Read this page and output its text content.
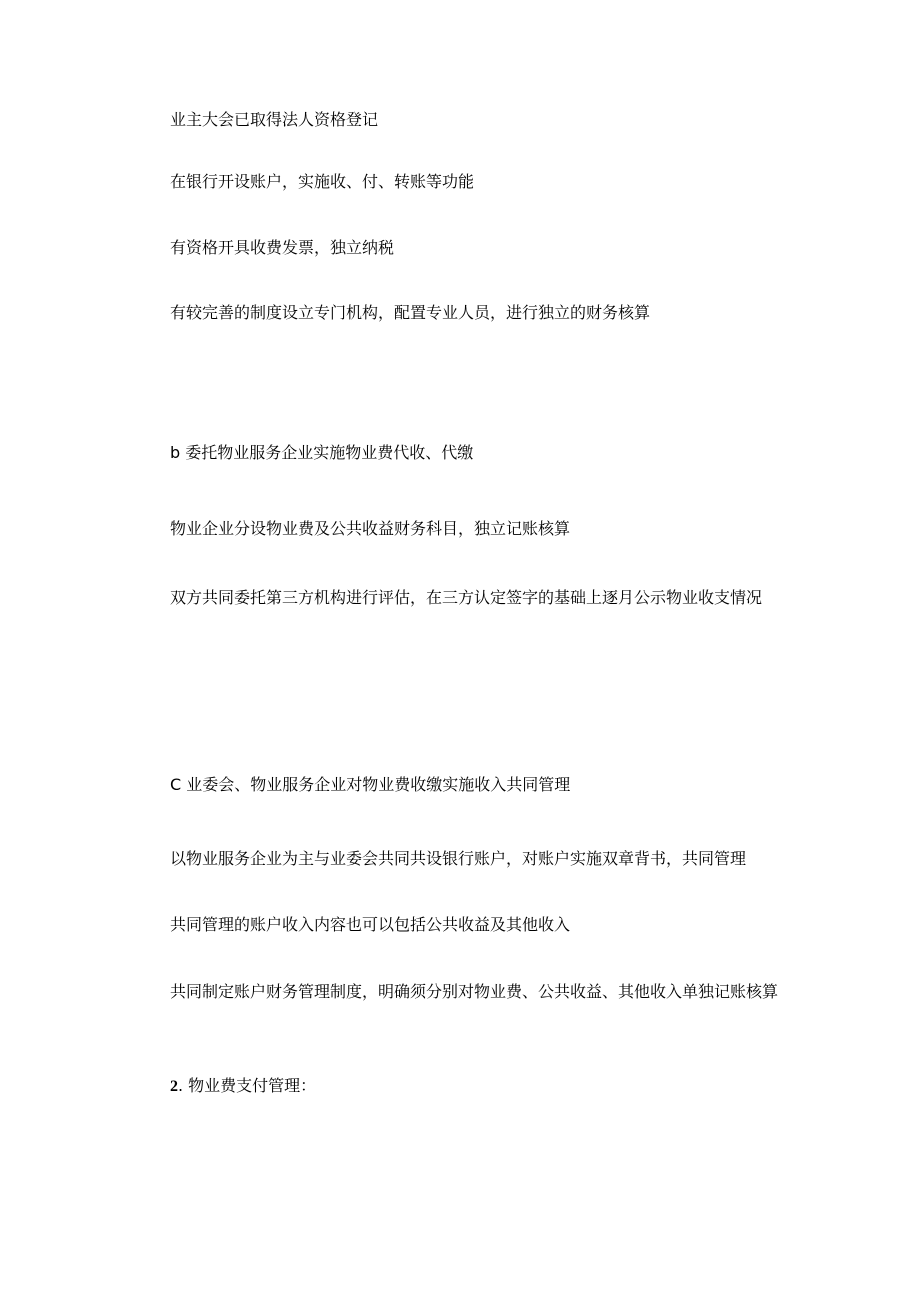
业主大会已取得法人资格登记
在银行开设账户，实施收、付、转账等功能
有资格开具收费发票，独立纳税
有较完善的制度设立专门机构，配置专业人员，进行独立的财务核算
b 委托物业服务企业实施物业费代收、代缴
物业企业分设物业费及公共收益财务科目，独立记账核算
双方共同委托第三方机构进行评估，在三方认定签字的基础上逐月公示物业收支情况
C 业委会、物业服务企业对物业费收缴实施收入共同管理
以物业服务企业为主与业委会共同共设银行账户，对账户实施双章背书，共同管理
共同管理的账户收入内容也可以包括公共收益及其他收入
共同制定账户财务管理制度，明确须分别对物业费、公共收益、其他收入单独记账核算
2. 物业费支付管理：
